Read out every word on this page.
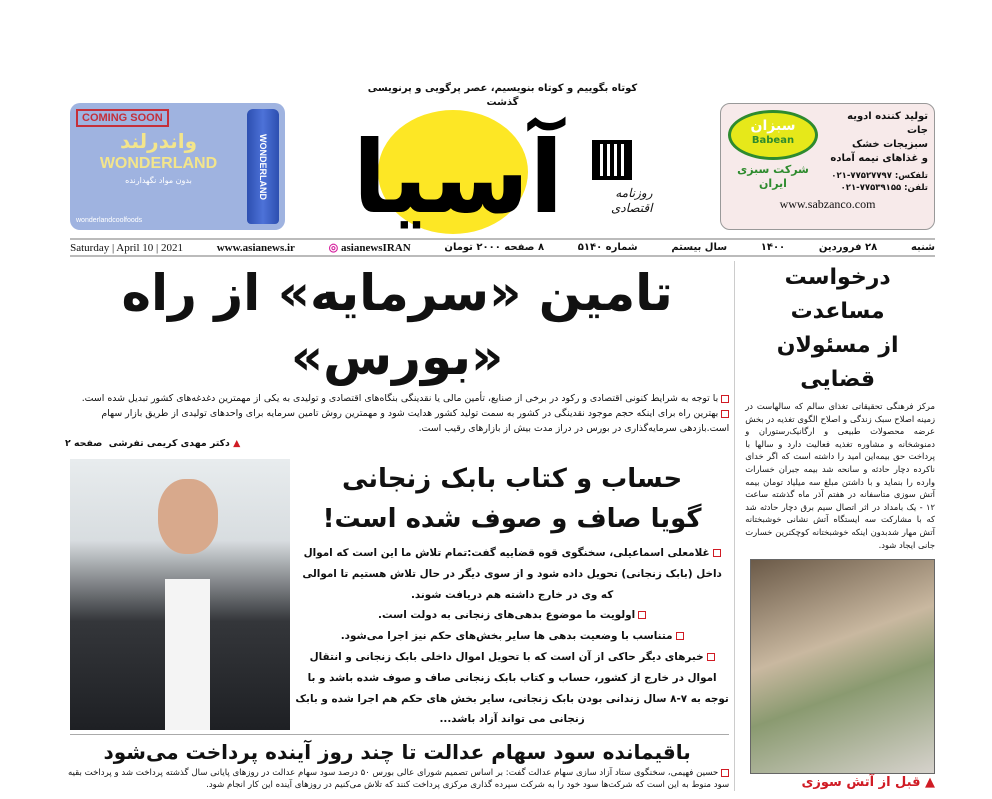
COMING SOON
واندرلند
WONDERLAND
بدون مواد نگهدارنده
wonderlandcoolfoods
WONDERLAND
کوتاه بگوییم و کوتاه بنویسیم، عصر پرگویی و پرنویسی گذشت
آسیا	روزنامه اقتصادی
سبزان
Babean
شرکت سبزی ایران
تولید کننده ادویه جات
سبزیجات خشک
و غذاهای نیمه آماده
تلفکس: ۷۷۵۲۷۷۹۷-۰۲۱
تلفن: ۷۷۵۳۹۱۵۵-۰۲۱
www.sabzanco.com
شنبه
۲۸ فروردین
۱۴۰۰
سال بیستم
شماره ۵۱۴۰
۸ صفحه ۲۰۰۰ تومان
◎ asianewsIRAN
www.asianews.ir
Saturday | April 10 | 2021
تامین «سرمایه» از راه «بورس»
با توجه به شرایط کنونی اقتصادی و رکود در برخی از صنایع، تأمین مالی یا نقدینگی بنگاه‌های اقتصادی و تولیدی به یکی از مهمترین دغدغه‌های کشور تبدیل شده است.
بهترین راه برای اینکه حجم موجود نقدینگی در کشور به سمت تولید کشور هدایت شود و مهمترین روش تامین سرمایه برای واحدهای تولیدی از طریق بازار سهام است.بازدهی سرمایه‌گذاری در بورس در دراز مدت بیش از بازارهای رقیب است.
▲ دکتر مهدی کریمی تفرشی  صفحه ۲
حساب و کتاب بابک زنجانی
گویا صاف و صوف شده است!
غلامعلی اسماعیلی، سخنگوی قوه قضاییه گفت:تمام تلاش ما این است که اموال داخل (بابک زنجانی) تحویل داده شود و از سوی دیگر در حال تلاش هستیم تا اموالی که وی در خارج داشته هم دریافت شوند.
اولویت ما موضوع بدهی‌های زنجانی به دولت است.
متناسب با وضعیت بدهی ها سایر بخش‌های حکم نیز اجرا می‌شود.
خبرهای دیگر حاکی از آن است که با تحویل اموال داخلی بابک زنجانی و انتقال اموال در خارج از کشور، حساب و کتاب بابک زنجانی صاف و صوف شده باشد و با توجه به ۷-۸ سال زندانی بودن بابک زنجانی، سایر بخش های حکم هم اجرا شده و بابک زنجانی می تواند آزاد باشد...
باقیمانده سود سهام عدالت تا چند روز آینده پرداخت می‌شود
حسین فهیمی، سخنگوی ستاد آزاد سازی سهام عدالت گفت: بر اساس تصمیم شورای عالی بورس ۵۰ درصد سود سهام عدالت در روزهای پایانی سال گذشته پرداخت شد و پرداخت بقیه سود منوط به این است که شرکت‌ها سود خود را به شرکت سپرده گذاری مرکزی پرداخت کنند که تلاش می‌کنیم در روزهای آینده این کار انجام شود.
درخواست مساعدت
از مسئولان قضایی
مرکز فرهنگی تحقیقاتی تغذای سالم که سالهاست در زمینه اصلاح سبک زندگی و اصلاح الگوی تغذیه در بخش عرضه محصولات طبیعی و ارگانیک‌رستوران و دمنوشخانه و مشاوره تغذیه فعالیت دارد و سالها با پرداخت حق بیمه‌این امید را داشته است که اگر خدای ناکرده دچار حادثه و سانحه شد بیمه جبران خسارات وارده را بنماید و با داشتن مبلغ سه میلیاد تومان بیمه آتش سوزی متاسفانه در هفتم آذر ماه گذشته ساعت ۱۲ - یک بامداد در اثر اتصال سیم برق دچار حادثه شد که با مشارکت سه ایستگاه آتش نشانی خوشبختانه آتش مهار شدبدون اینکه خوشبختانه کوچکترین خسارت جانی ایجاد شود.
▲ قبل از آتش سوزی
